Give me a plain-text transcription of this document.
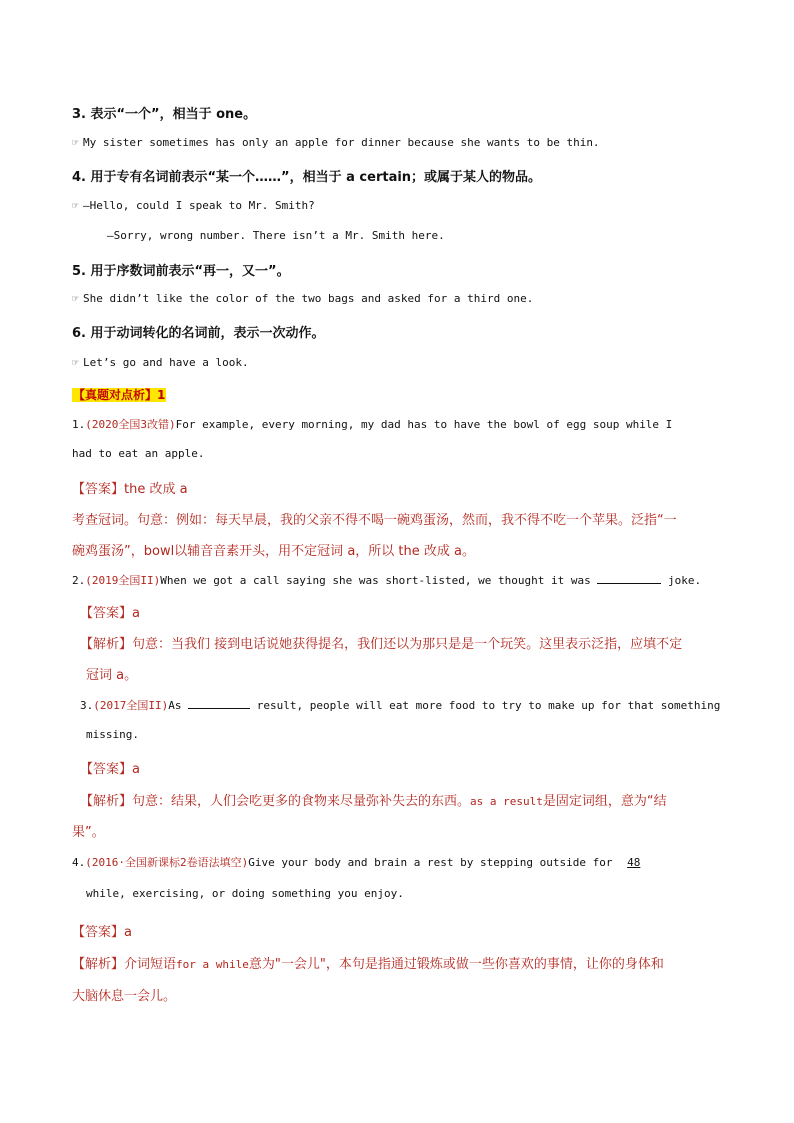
3. 表示“一个”，相当于 one。
☞ My sister sometimes has only an apple for dinner because she wants to be thin.
4. 用于专有名词前表示“某一个……”，相当于 a certain；或属于某人的物品。
☞ —Hello, could I speak to Mr. Smith?
—Sorry, wrong number. There isn’t a Mr. Smith here.
5. 用于序数词前表示“再一，又一”。
☞ She didn’t like the color of the two bags and asked for a third one.
6. 用于动词转化的名词前，表示一次动作。
☞ Let’s go and have a look.
【真题对点析】1
1.(2020全国3改错)For example, every morning, my dad has to have the bowl of egg soup while I
had to eat an apple.
【答案】the 改成 a
考查冠词。句意：例如：每天早晨，我的父亲不得不喝一碗鸡蛋汤，然而，我不得不吃一个苹果。泛指“一
碗鸡蛋汤”，bowl以辅音音素开头，用不定冠词 a，所以 the 改成 a。
2.(2019全国II)When we got a call saying she was short-listed, we thought it was	joke.
【答案】a
【解析】句意：当我们 接到电话说她获得提名，我们还以为那只是是一个玩笑。这里表示泛指，应填不定
冠词 a。
3.(2017全国II)As	result, people will eat more food to try to make up for that something
missing.
【答案】a
【解析】句意：结果，人们会吃更多的食物来尽量弥补失去的东西。as a result是固定词组，意为“结
果”。
4.(2016·全国新课标2卷语法填空)Give your body and brain a rest by stepping outside for 48
while, exercising, or doing something you enjoy.
【答案】a
【解析】介词短语for a while意为"一会儿"，本句是指通过锻炼或做一些你喜欢的事情，让你的身体和
大脑休息一会儿。
